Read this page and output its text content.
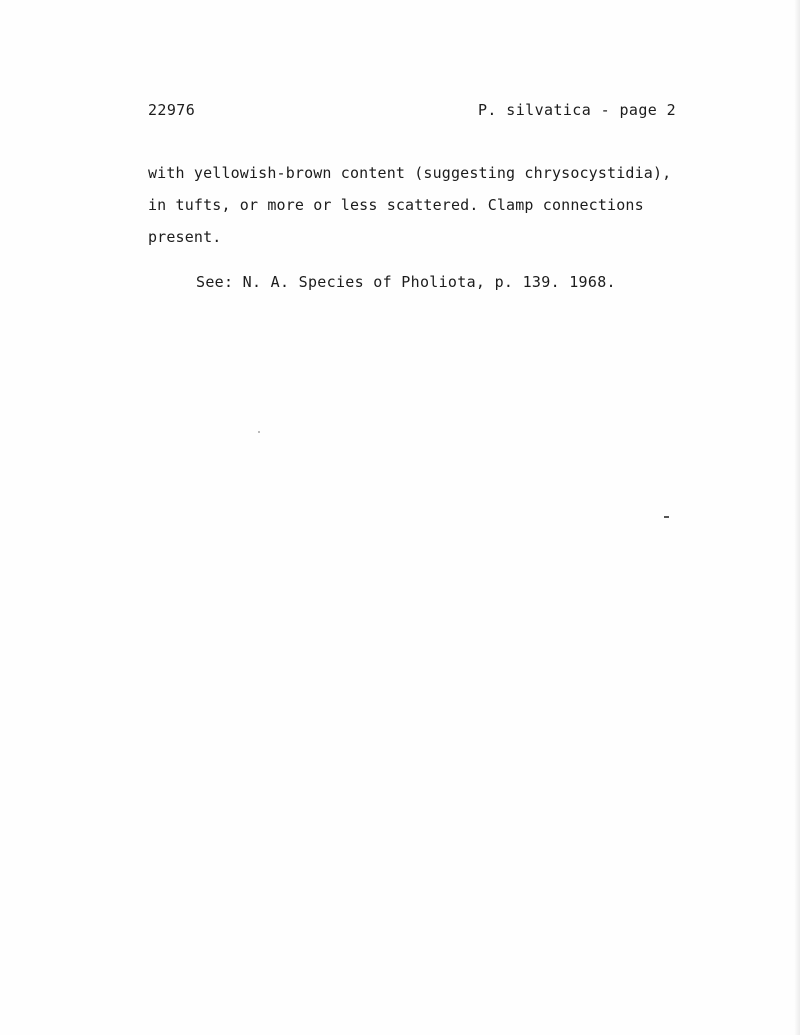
22976	P. silvatica - page 2
with yellowish-brown content (suggesting chrysocystidia),
in tufts, or more or less scattered. Clamp connections
present.
See: N. A. Species of Pholiota, p. 139. 1968.
